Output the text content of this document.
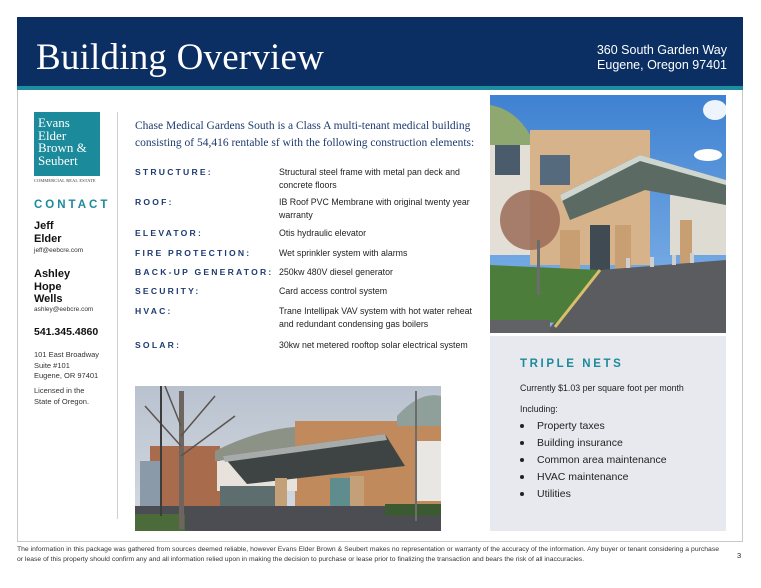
Building Overview	360 South Garden Way
Eugene, Oregon 97401
Evans
Elder
Brown &
Seubert
COMMERCIAL REAL ESTATE
CONTACT
Jeff
Elder
jeff@eebcre.com
Ashley
Hope
Wells
ashley@eebcre.com
541.345.4860
101 East Broadway
Suite #101
Eugene, OR 97401
Licensed in the
State of Oregon.
Chase Medical Gardens South is a Class A multi-tenant medical building consisting of 54,416 rentable sf with the following construction elements:
STRUCTURE:	Structural steel frame with metal pan deck and concrete floors
ROOF:	IB Roof PVC Membrane with original twenty year warranty
ELEVATOR:	Otis hydraulic elevator
FIRE PROTECTION:	Wet sprinkler system with alarms
BACK-UP GENERATOR: 250kw 480V diesel generator
SECURITY:	Card access control system
HVAC:	Trane Intellipak VAV system with hot water reheat and redundant condensing gas boilers
SOLAR:	30kw net metered rooftop solar electrical system
TRIPLE NETS
Currently $1.03 per square foot per month
Including:
Property taxes
Building insurance
Common area maintenance
HVAC maintenance
Utilities
The information in this package was gathered from sources deemed reliable, however Evans Elder Brown & Seubert makes no representation or warranty of the accuracy of the information. Any buyer or tenant considering a purchase or lease of this property should confirm any and all information relied upon in making the decision to purchase or lease prior to finalizing the transaction and bears the risk of all inaccuracies.	3
